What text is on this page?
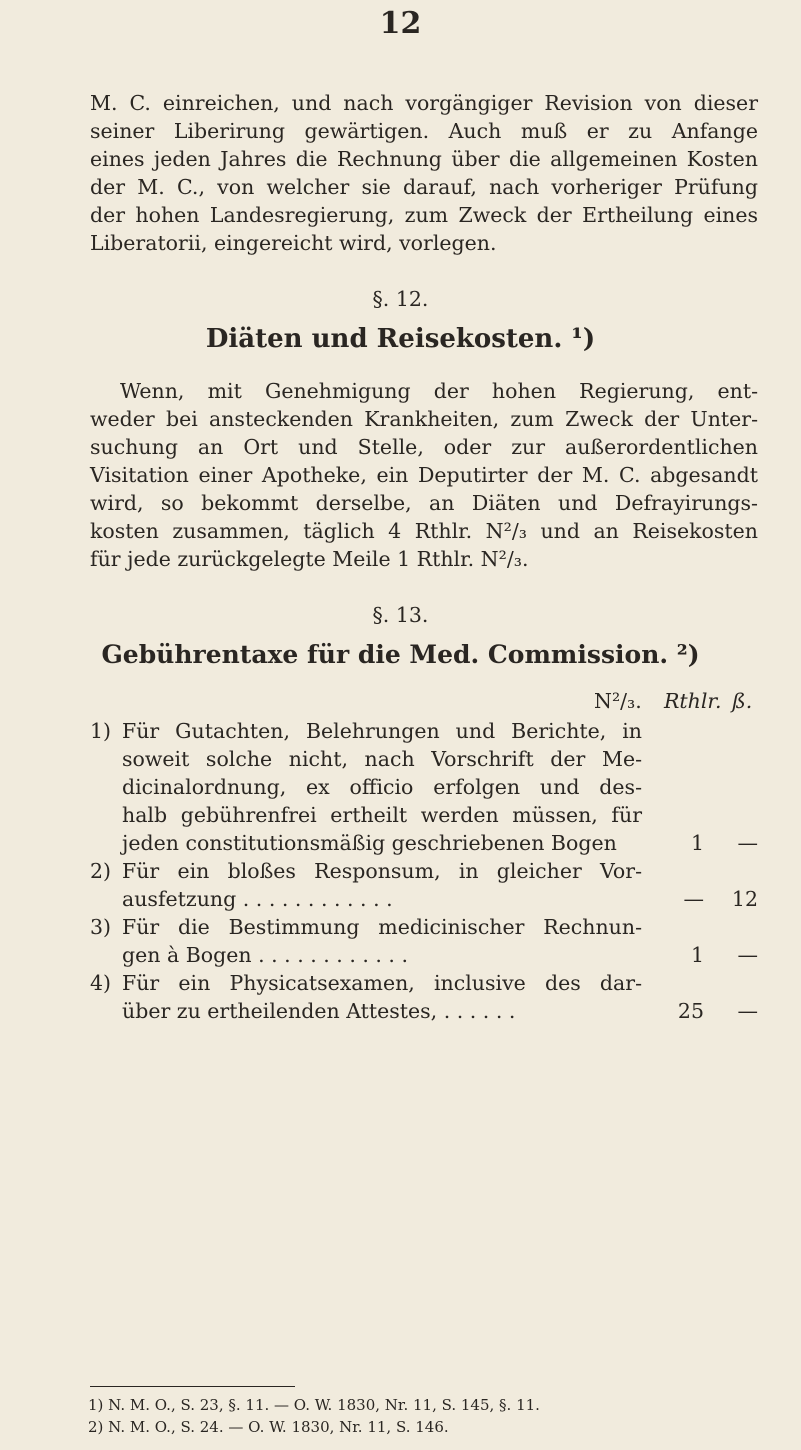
12
M. C. einreichen, und nach vorgängiger Revision von dieser
seiner Liberirung gewärtigen. Auch muß er zu Anfange
eines jeden Jahres die Rechnung über die allgemeinen Kosten
der M. C., von welcher sie darauf, nach vorheriger Prüfung
der hohen Landesregierung, zum Zweck der Ertheilung eines
Liberatorii, eingereicht wird, vorlegen.
§. 12.
Diäten und Reisekosten. ¹)
Wenn, mit Genehmigung der hohen Regierung, ent-
weder bei ansteckenden Krankheiten, zum Zweck der Unter-
suchung an Ort und Stelle, oder zur außerordentlichen
Visitation einer Apotheke, ein Deputirter der M. C. abgesandt
wird, so bekommt derselbe, an Diäten und Defrayirungs-
kosten zusammen, täglich 4 Rthlr. N²/₃ und an Reisekosten
für jede zurückgelegte Meile 1 Rthlr. N²/₃.
§. 13.
Gebührentaxe für die Med. Commission. ²)
N²/₃. Rthlr. ß.
1) Für Gutachten, Belehrungen und Berichte, in
soweit solche nicht, nach Vorschrift der Me-
dicinalordnung, ex officio erfolgen und des-
halb gebührenfrei ertheilt werden müssen, für
jeden constitutionsmäßig geschriebenen Bogen	1	—
2) Für ein bloßes Responsum, in gleicher Vor-
ausfetzung . . . . . . . . . . . .	—	12
3) Für die Bestimmung medicinischer Rechnun-
gen à Bogen . . . . . . . . . . . .	1	—
4) Für ein Physicatsexamen, inclusive des dar-
über zu ertheilenden Attestes, . . . . . .	25	—
1) N. M. O., S. 23, §. 11. — O. W. 1830, Nr. 11, S. 145, §. 11.
2) N. M. O., S. 24. — O. W. 1830, Nr. 11, S. 146.
